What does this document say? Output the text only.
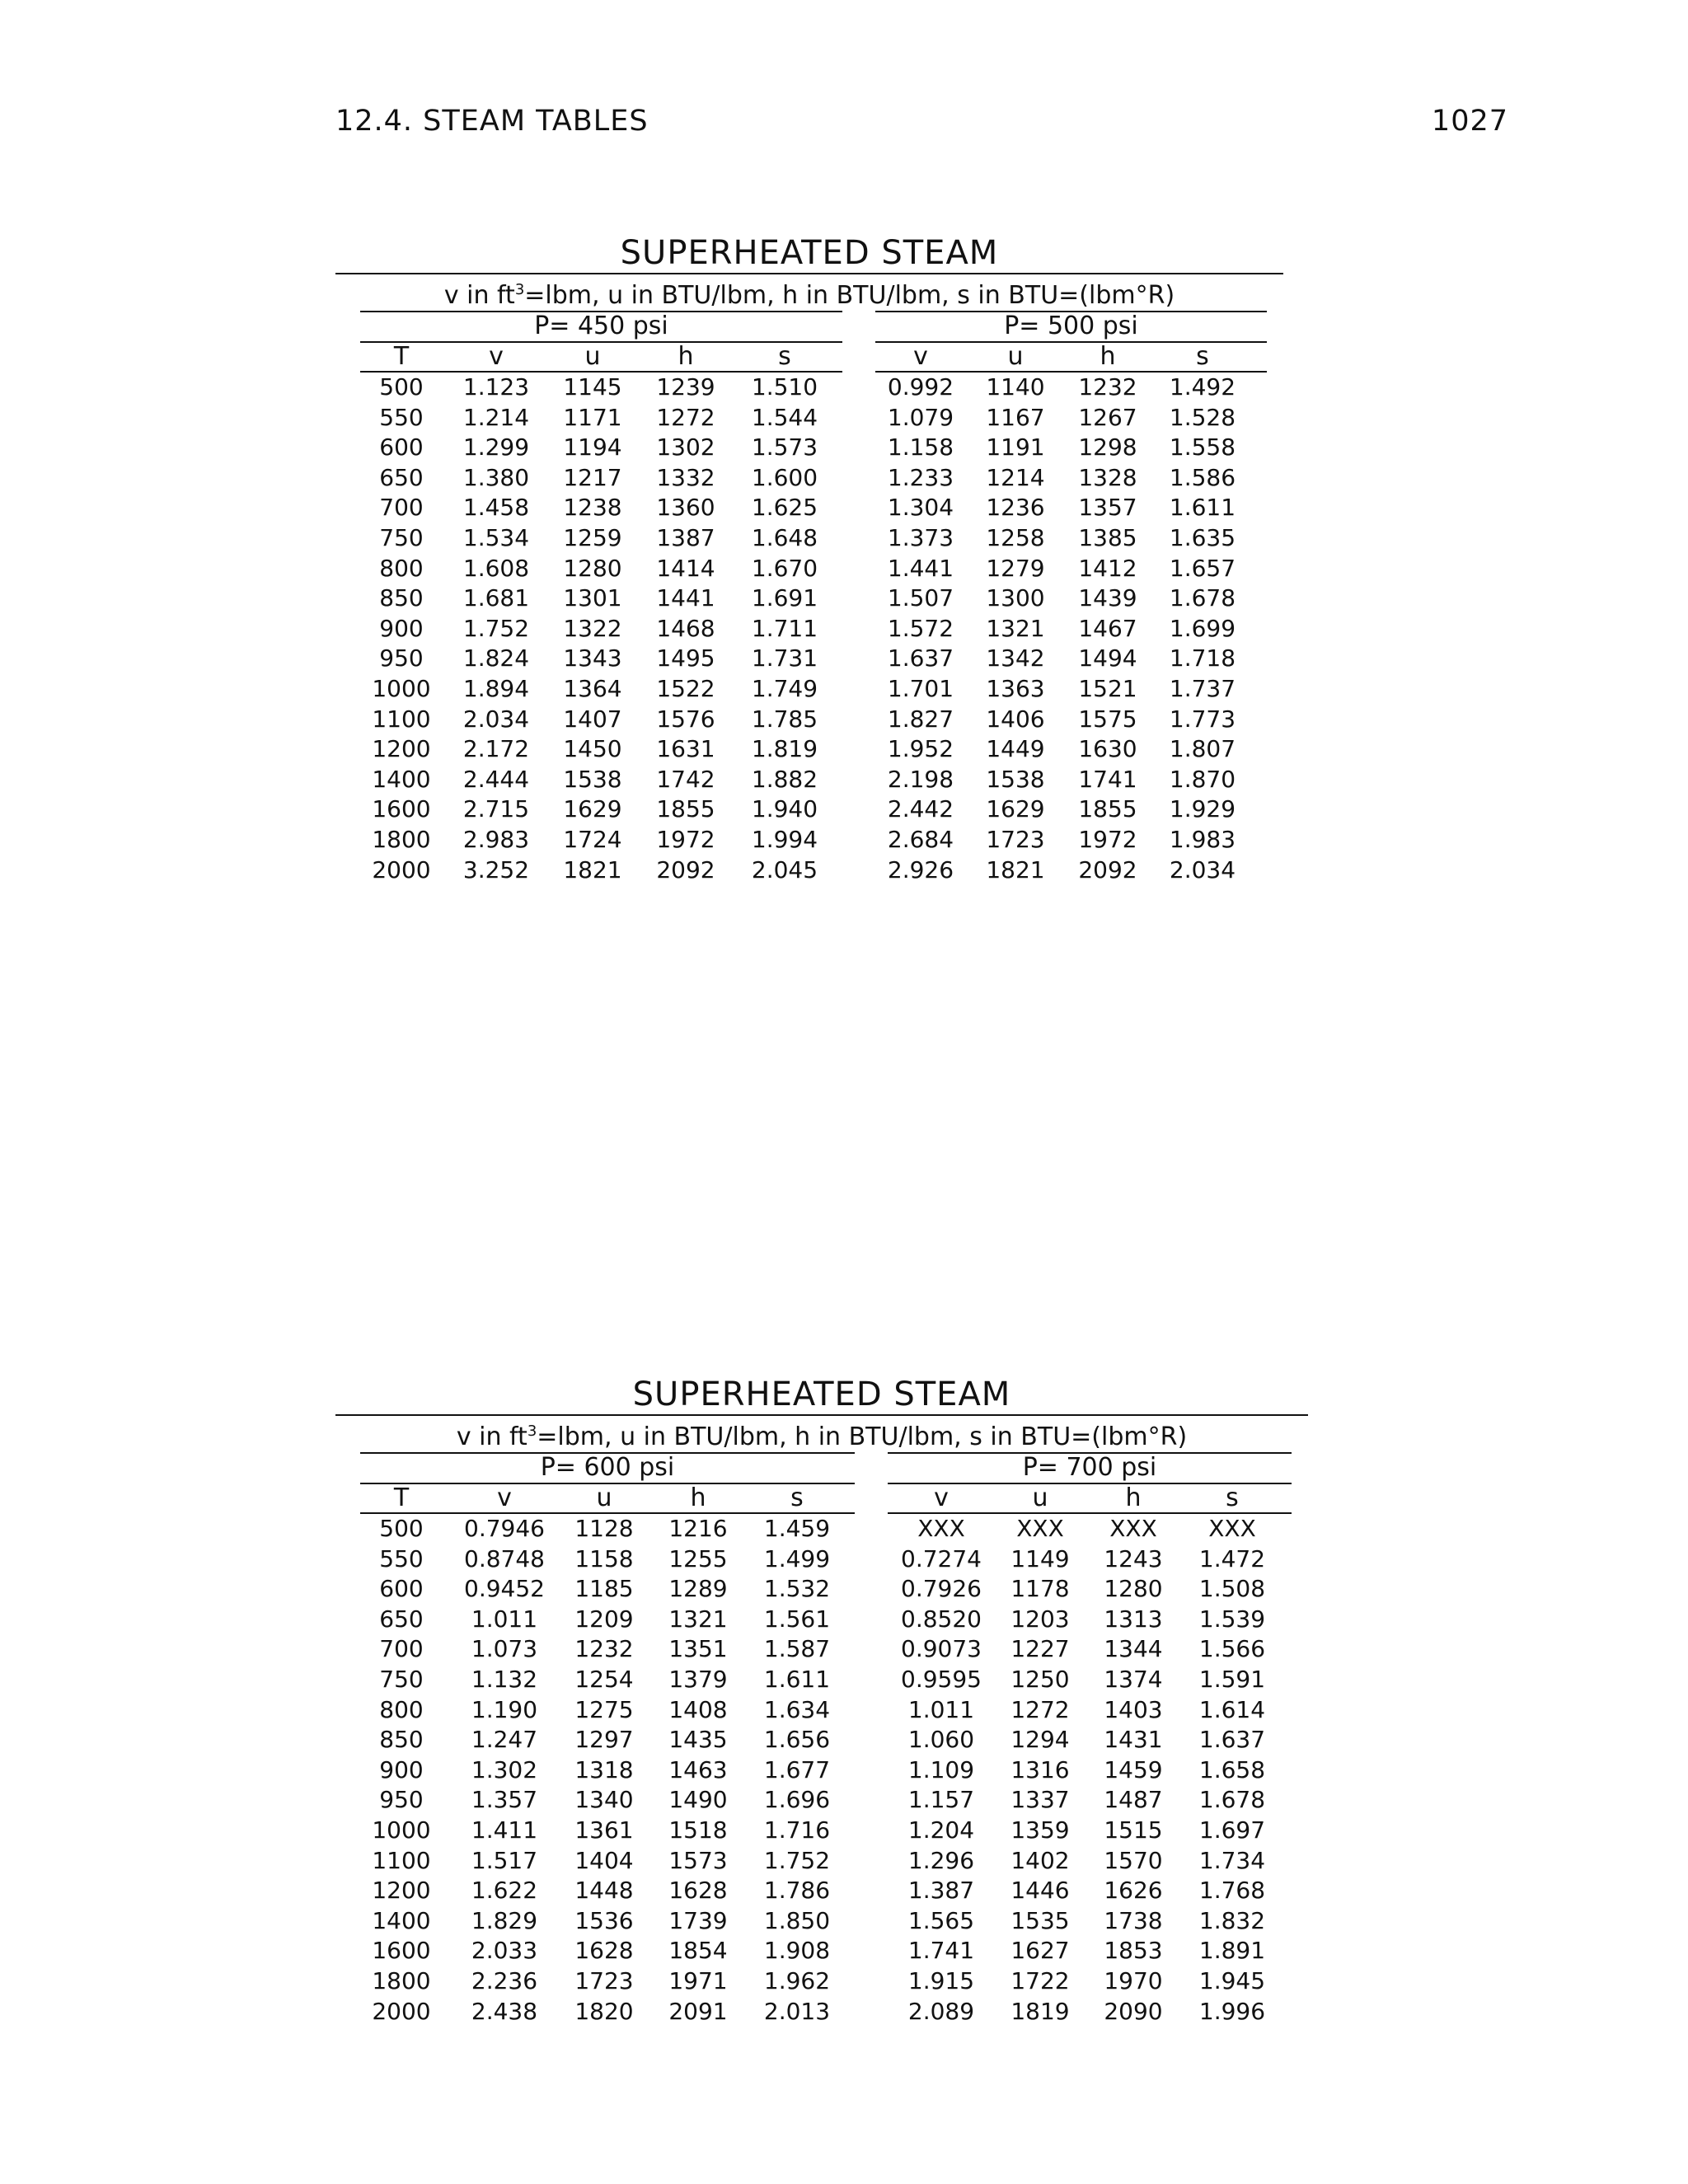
12.4. STEAM TABLES	1027
SUPERHEATED STEAM
v in $ft^3=lbm$, u in BTU/lbm, h in BTU/lbm, s in BTU=(lbm°R)
P= 450 psi	P= 500 psi
T	v	u	h	s	v	u	h	s
500	1.123	1145	1239	1.510	0.992	1140	1232	1.492
550	1.214	1171	1272	1.544	1.079	1167	1267	1.528
600	1.299	1194	1302	1.573	1.158	1191	1298	1.558
650	1.380	1217	1332	1.600	1.233	1214	1328	1.586
700	1.458	1238	1360	1.625	1.304	1236	1357	1.611
750	1.534	1259	1387	1.648	1.373	1258	1385	1.635
800	1.608	1280	1414	1.670	1.441	1279	1412	1.657
850	1.681	1301	1441	1.691	1.507	1300	1439	1.678
900	1.752	1322	1468	1.711	1.572	1321	1467	1.699
950	1.824	1343	1495	1.731	1.637	1342	1494	1.718
1000	1.894	1364	1522	1.749	1.701	1363	1521	1.737
1100	2.034	1407	1576	1.785	1.827	1406	1575	1.773
1200	2.172	1450	1631	1.819	1.952	1449	1630	1.807
1400	2.444	1538	1742	1.882	2.198	1538	1741	1.870
1600	2.715	1629	1855	1.940	2.442	1629	1855	1.929
1800	2.983	1724	1972	1.994	2.684	1723	1972	1.983
2000	3.252	1821	2092	2.045	2.926	1821	2092	2.034
SUPERHEATED STEAM
v in $ft^3=lbm$, u in BTU/lbm, h in BTU/lbm, s in BTU=(lbm°R)
P= 600 psi	P= 700 psi
T	v	u	h	s	v	u	h	s
500	0.7946	1128	1216	1.459	XXX	XXX	XXX	XXX
550	0.8748	1158	1255	1.499	0.7274	1149	1243	1.472
600	0.9452	1185	1289	1.532	0.7926	1178	1280	1.508
650	1.011	1209	1321	1.561	0.8520	1203	1313	1.539
700	1.073	1232	1351	1.587	0.9073	1227	1344	1.566
750	1.132	1254	1379	1.611	0.9595	1250	1374	1.591
800	1.190	1275	1408	1.634	1.011	1272	1403	1.614
850	1.247	1297	1435	1.656	1.060	1294	1431	1.637
900	1.302	1318	1463	1.677	1.109	1316	1459	1.658
950	1.357	1340	1490	1.696	1.157	1337	1487	1.678
1000	1.411	1361	1518	1.716	1.204	1359	1515	1.697
1100	1.517	1404	1573	1.752	1.296	1402	1570	1.734
1200	1.622	1448	1628	1.786	1.387	1446	1626	1.768
1400	1.829	1536	1739	1.850	1.565	1535	1738	1.832
1600	2.033	1628	1854	1.908	1.741	1627	1853	1.891
1800	2.236	1723	1971	1.962	1.915	1722	1970	1.945
2000	2.438	1820	2091	2.013	2.089	1819	2090	1.996
